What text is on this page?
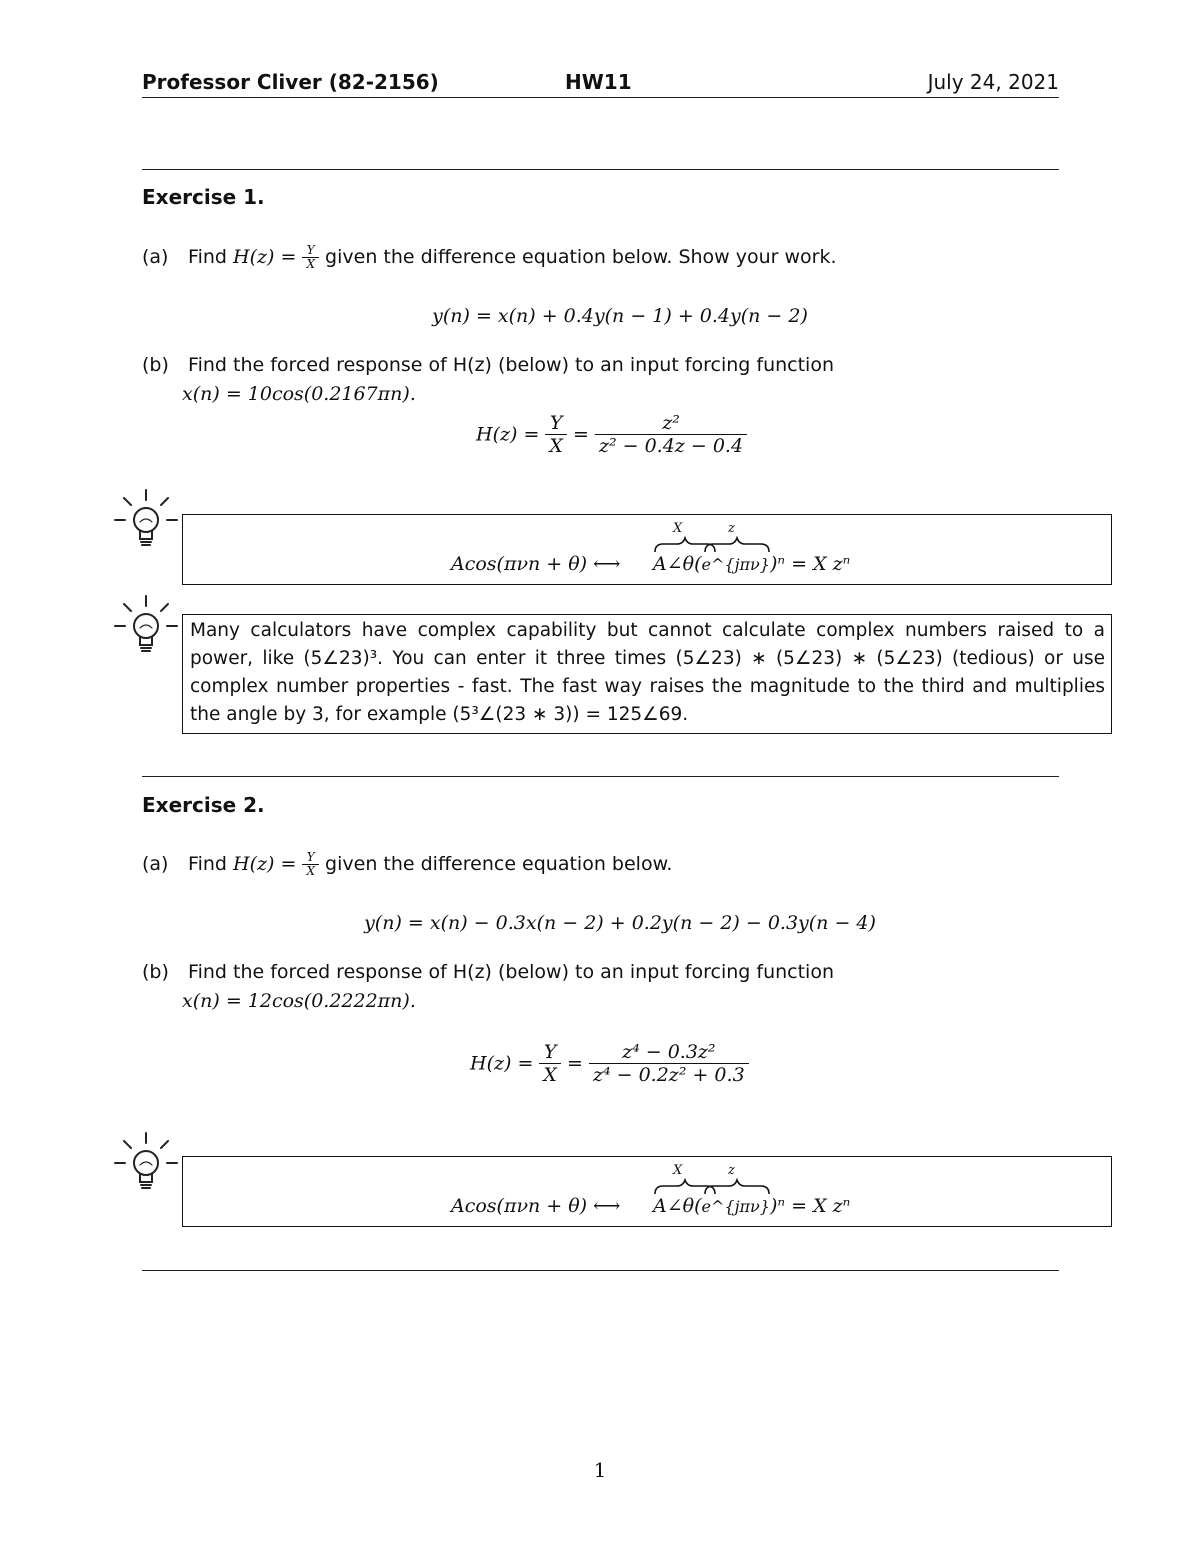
Professor Cliver (82-2156)	HW11	July 24, 2021
Exercise 1.
(a) Find $H(z) = \frac{Y}{X}$ given the difference equation below. Show your work.
y(n) = x(n) + 0.4y(n − 1) + 0.4y(n − 2)
(b) Find the forced response of H(z) (below) to an input forcing function
x(n) = 10cos(0.2167πn).
$H(z) = \frac{Y}{X} = \frac{\text{z²}}{\text{z² − 0.4z − 0.4}}$
Acos(πνn + θ) ⟷
X	z
A∠θ(e^{jπν})ⁿ = X zⁿ
Many calculators have complex capability but cannot calculate complex numbers raised to a power, like (5∠23)³. You can enter it three times (5∠23) ∗ (5∠23) ∗ (5∠23) (tedious) or use complex number properties - fast. The fast way raises the magnitude to the third and multiplies the angle by 3, for example (5³∠(23 ∗ 3)) = 125∠69.
Exercise 2.
(a) Find $H(z) = \frac{Y}{X}$ given the difference equation below.
y(n) = x(n) − 0.3x(n − 2) + 0.2y(n − 2) − 0.3y(n − 4)
(b) Find the forced response of H(z) (below) to an input forcing function
x(n) = 12cos(0.2222πn).
$H(z) = \frac{Y}{X} = \frac{\text{z⁴ − 0.3z²}}{\text{z⁴ − 0.2z² + 0.3}}$
Acos(πνn + θ) ⟷
X	z
A∠θ(e^{jπν})ⁿ = X zⁿ
1
